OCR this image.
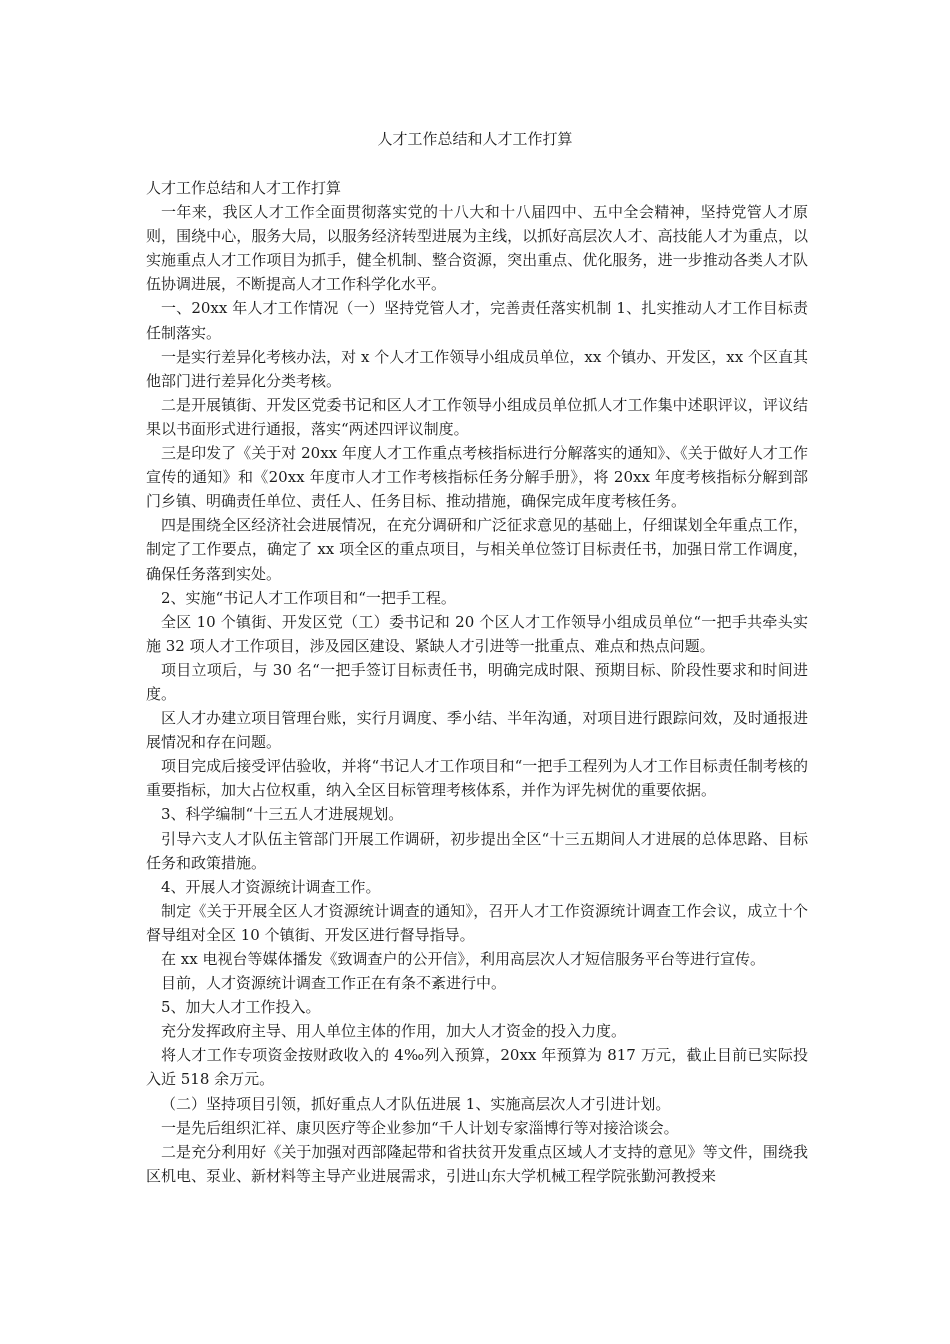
人才工作总结和人才工作打算

人才工作总结和人才工作打算

一年来，我区人才工作全面贯彻落实党的十八大和十八届四中、五中全会精神，坚持党管人才原则，围绕中心，服务大局，以服务经济转型进展为主线，以抓好高层次人才、高技能人才为重点，以实施重点人才工作项目为抓手，健全机制、整合资源，突出重点、优化服务，进一步推动各类人才队伍协调进展，不断提高人才工作科学化水平。

一、20xx 年人才工作情况（一）坚持党管人才，完善责任落实机制 1、扎实推动人才工作目标责任制落实。

一是实行差异化考核办法，对 x 个人才工作领导小组成员单位，xx 个镇办、开发区，xx 个区直其他部门进行差异化分类考核。

二是开展镇街、开发区党委书记和区人才工作领导小组成员单位抓人才工作集中述职评议，评议结果以书面形式进行通报，落实“两述四评议制度。

三是印发了《关于对 20xx 年度人才工作重点考核指标进行分解落实的通知》、《关于做好人才工作宣传的通知》和《20xx 年度市人才工作考核指标任务分解手册》，将 20xx 年度考核指标分解到部门乡镇、明确责任单位、责任人、任务目标、推动措施，确保完成年度考核任务。

四是围绕全区经济社会进展情况，在充分调研和广泛征求意见的基础上，仔细谋划全年重点工作，制定了工作要点，确定了 xx 项全区的重点项目，与相关单位签订目标责任书，加强日常工作调度，确保任务落到实处。

2、实施“书记人才工作项目和“一把手工程。

全区 10 个镇街、开发区党（工）委书记和 20 个区人才工作领导小组成员单位“一把手共牵头实施 32 项人才工作项目，涉及园区建设、紧缺人才引进等一批重点、难点和热点问题。

项目立项后，与 30 名“一把手签订目标责任书，明确完成时限、预期目标、阶段性要求和时间进度。

区人才办建立项目管理台账，实行月调度、季小结、半年沟通，对项目进行跟踪问效，及时通报进展情况和存在问题。

项目完成后接受评估验收，并将“书记人才工作项目和“一把手工程列为人才工作目标责任制考核的重要指标，加大占位权重，纳入全区目标管理考核体系，并作为评先树优的重要依据。

3、科学编制“十三五人才进展规划。

引导六支人才队伍主管部门开展工作调研，初步提出全区“十三五期间人才进展的总体思路、目标任务和政策措施。

4、开展人才资源统计调查工作。

制定《关于开展全区人才资源统计调查的通知》，召开人才工作资源统计调查工作会议，成立十个督导组对全区 10 个镇街、开发区进行督导指导。

在 xx 电视台等媒体播发《致调查户的公开信》，利用高层次人才短信服务平台等进行宣传。

目前，人才资源统计调查工作正在有条不紊进行中。

5、加大人才工作投入。

充分发挥政府主导、用人单位主体的作用，加大人才资金的投入力度。

将人才工作专项资金按财政收入的 4‰列入预算，20xx 年预算为 817 万元，截止目前已实际投入近 518 余万元。

（二）坚持项目引领，抓好重点人才队伍进展 1、实施高层次人才引进计划。

一是先后组织汇祥、康贝医疗等企业参加“千人计划专家淄博行等对接洽谈会。

二是充分利用好《关于加强对西部隆起带和省扶贫开发重点区域人才支持的意见》等文件，围绕我区机电、泵业、新材料等主导产业进展需求，引进山东大学机械工程学院张勤河教授来
